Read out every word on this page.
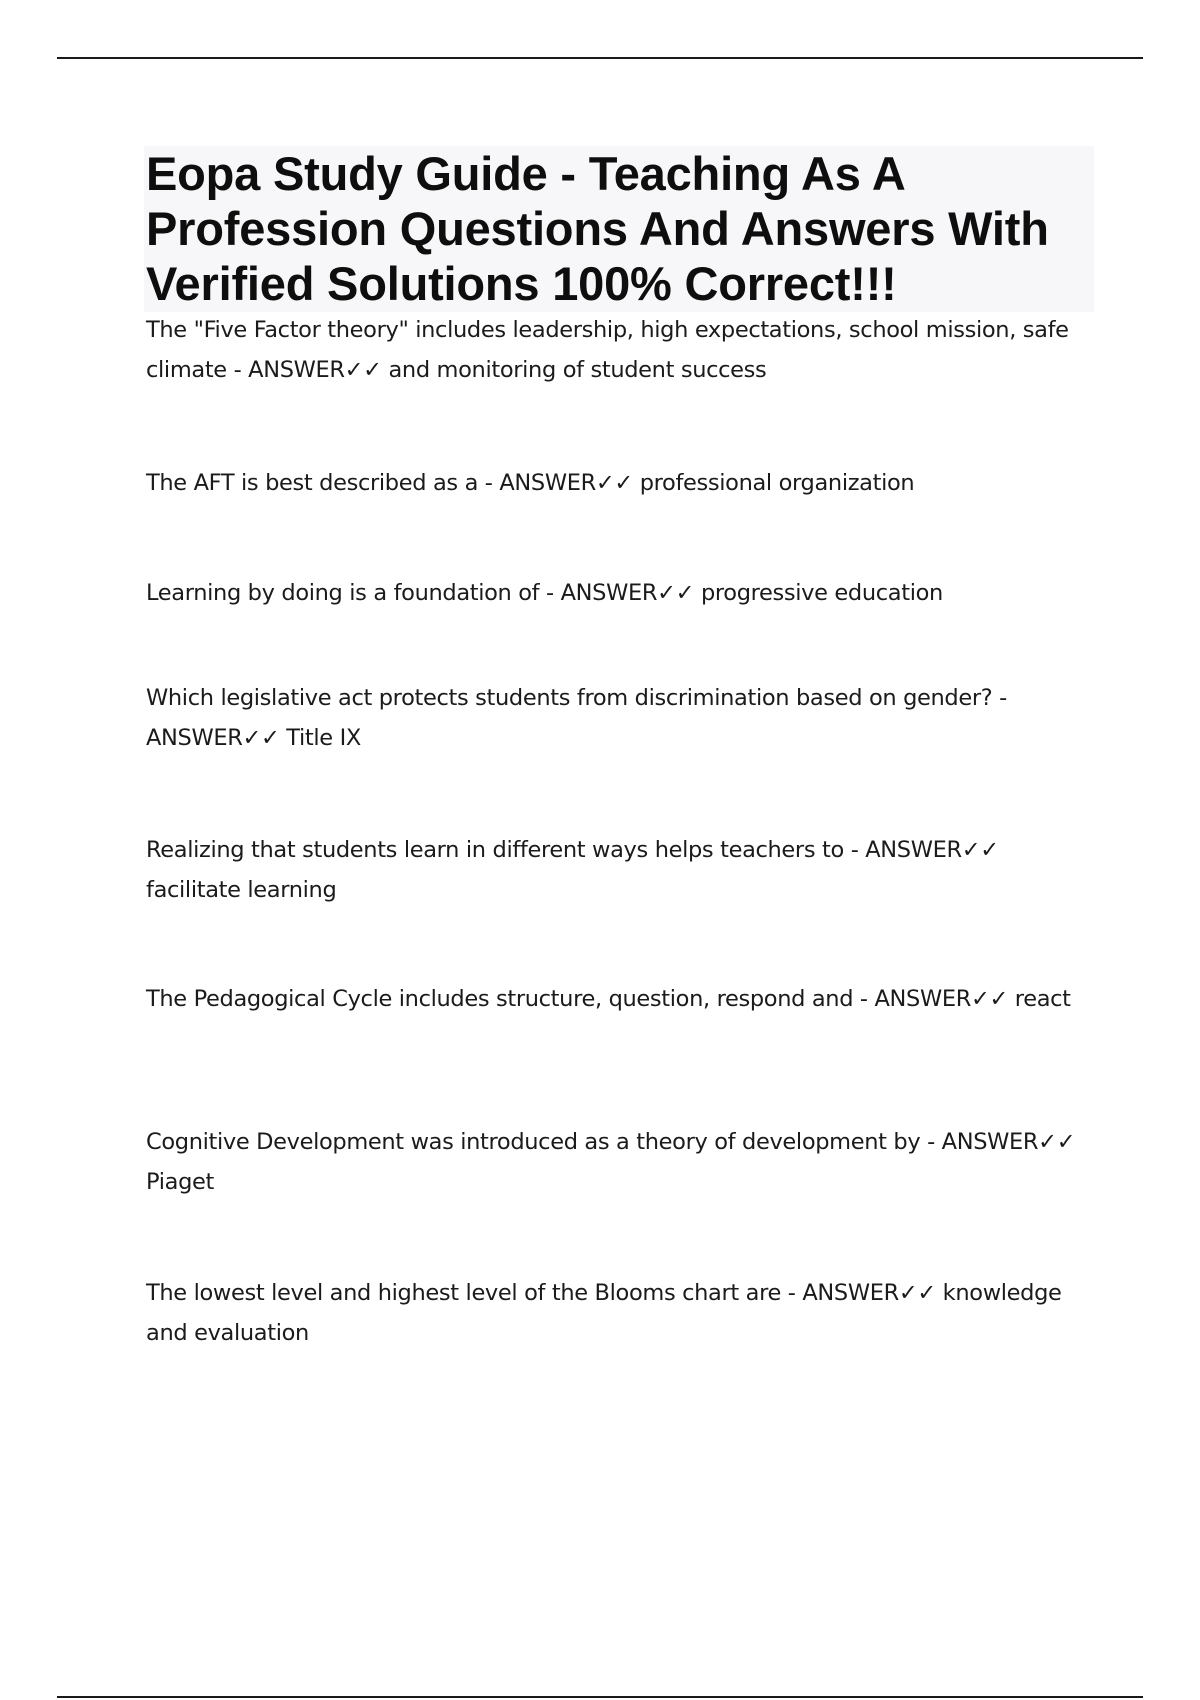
Eopa Study Guide - Teaching As A Profession Questions And Answers With Verified Solutions 100% Correct!!!

The "Five Factor theory" includes leadership, high expectations, school mission, safe climate - ANSWER✓✓ and monitoring of student success

The AFT is best described as a - ANSWER✓✓ professional organization

Learning by doing is a foundation of - ANSWER✓✓ progressive education

Which legislative act protects students from discrimination based on gender? - ANSWER✓✓ Title IX

Realizing that students learn in different ways helps teachers to - ANSWER✓✓ facilitate learning

The Pedagogical Cycle includes structure, question, respond and - ANSWER✓✓ react

Cognitive Development was introduced as a theory of development by - ANSWER✓✓ Piaget

The lowest level and highest level of the Blooms chart are - ANSWER✓✓ knowledge and evaluation
